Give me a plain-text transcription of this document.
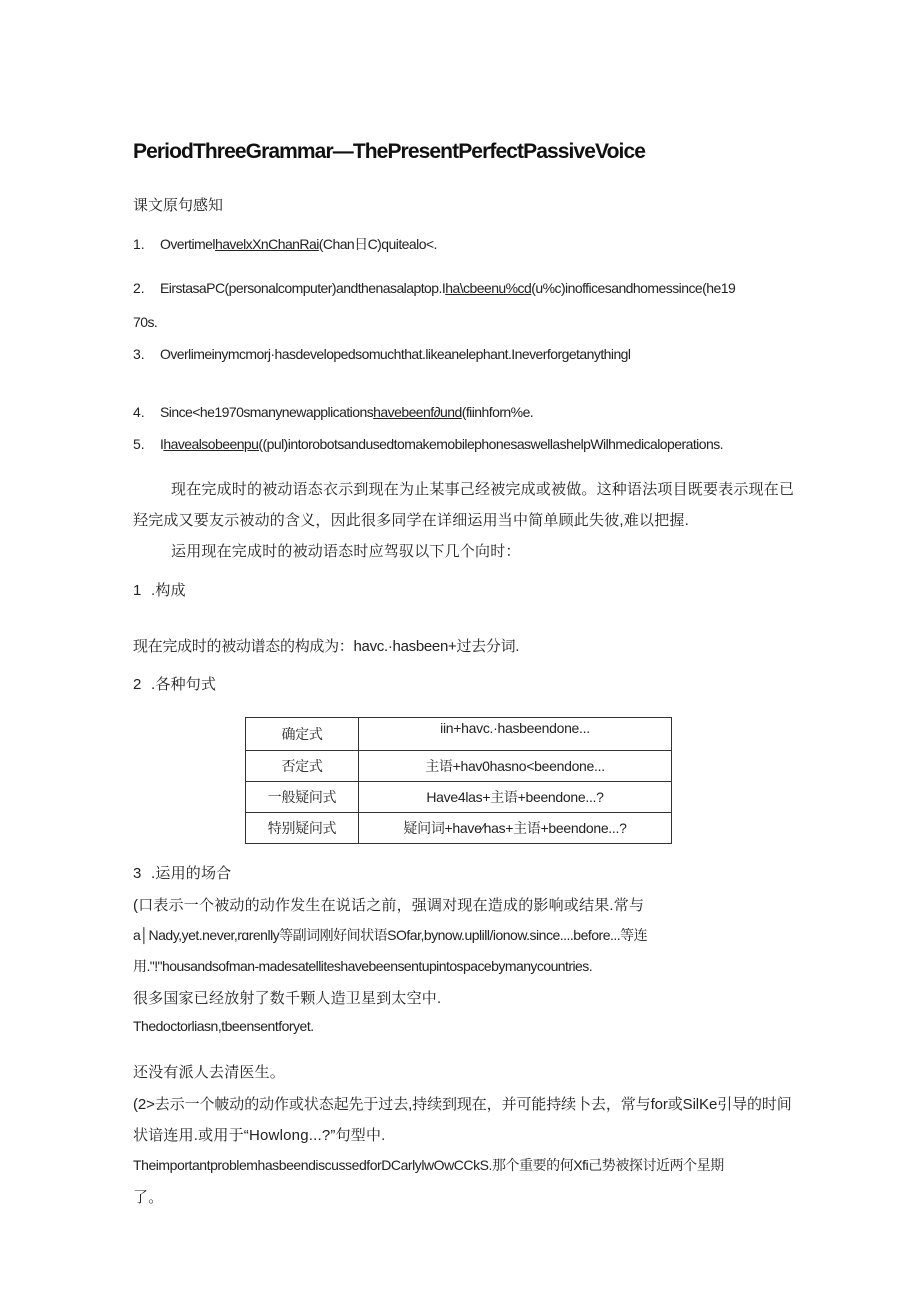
PeriodThreeGrammar—ThePresentPerfectPassiveVoice
课文原句感知
1. OvertimelhavelxXnChanRai(Chan日C)quitealo<.
2. EirstasaPC(personalcomputer)andthenasalaptop.Iha\cbeenu%cd(u%c)inofficesandhomessince(he19
70s.
3. Overlimeinymcmorj·hasdevelopedsomuchthat.likeanelephant.Ineverforgetanythingl
4. Since<he1970smanynewapplicationshavebeenf∂und(fiinhforn%e.
5. Ihavealsobeenpu((pul)intorobotsandusedtomakemobilephonesaswellashelpWilhmedicaloperations.
现在完成时的被动语态衣示到现在为止某事己经被完成或被做。这种语法项目既要表示现在已
羟完成又要友示被动的含义，因此很多同学在详细运用当中简单顾此失彼,难以把握.
运用现在完成时的被动语态时应驾驭以下几个向时：
1 .构成
现在完成时的被动谱态的构成为：havc.·hasbeen+过去分词.
2 .各种句式
确定式	iin+havc.·hasbeendone...
否定式	主语+hav0hasno<beendone...
一般疑问式	Have4las+主语+beendone...?
特别疑问式	疑问词+have⁄has+主语+beendone...?
3 .运用的场合
(口表示一个被动的动作发生在说话之前，强调对现在造成的影响或结果.常与
a│Nady,yet.never,rɑrenlly等副词刚好间状语SOfar,bynow.uplill/ionow.since....before...等连
用."!"housandsofman-madesatelliteshavebeensentupintospacebymanycountries.
很多国家已经放射了数千颗人造卫星到太空中.
Thedoctorliasn,tbeensentforyet.
还没有派人去清医生。
(2>去示一个帔动的动作或状态起先于过去,持续到现在，并可能持续卜去，常与for或SilKe引导的时间
状谙连用.或用于“Howlong...?”句型中.
TheimportantproblemhasbeendiscussedforDCarlylwOwCCkS.那个重要的何Xfi己势被探讨近两个星期
了。
